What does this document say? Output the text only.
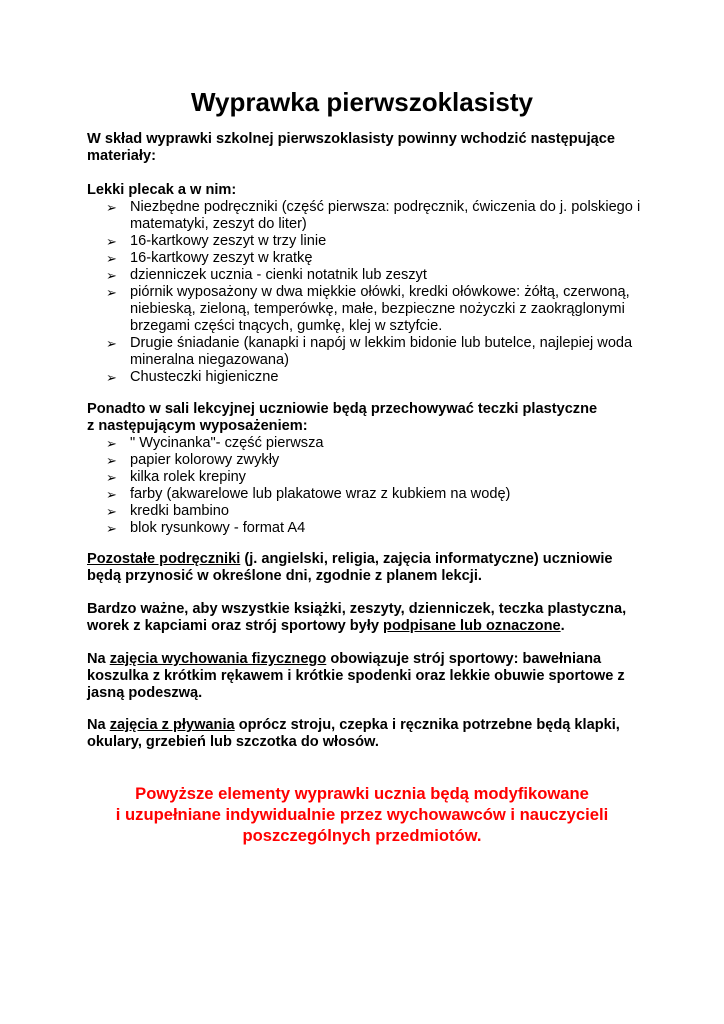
Wyprawka pierwszoklasisty

W skład wyprawki szkolnej pierwszoklasisty powinny wchodzić następujące materiały:

Lekki plecak a w nim:
➢ Niezbędne podręczniki (część pierwsza: podręcznik, ćwiczenia do j. polskiego i matematyki, zeszyt do liter)
➢ 16-kartkowy zeszyt w trzy linie
➢ 16-kartkowy zeszyt w kratkę
➢ dzienniczek ucznia - cienki notatnik lub zeszyt
➢ piórnik wyposażony w dwa miękkie ołówki, kredki ołówkowe: żółtą, czerwoną, niebieską, zieloną, temperówkę, małe, bezpieczne nożyczki z zaokrąglonymi brzegami części tnących, gumkę, klej w sztyfcie.
➢ Drugie śniadanie (kanapki i napój w lekkim bidonie lub butelce, najlepiej woda mineralna niegazowana)
➢ Chusteczki higieniczne
Ponadto w sali lekcyjnej uczniowie będą przechowywać teczki plastyczne
z następującym wyposażeniem:
➢ " Wycinanka"- część pierwsza
➢ papier kolorowy zwykły
➢ kilka rolek krepiny
➢ farby (akwarelowe lub plakatowe wraz z kubkiem na wodę)
➢ kredki bambino
➢ blok rysunkowy - format A4

Pozostałe podręczniki (j. angielski, religia, zajęcia informatyczne) uczniowie będą przynosić w określone dni, zgodnie z planem lekcji.

Bardzo ważne, aby wszystkie książki, zeszyty, dzienniczek, teczka plastyczna, worek z kapciami oraz strój sportowy były podpisane lub oznaczone.

Na zajęcia wychowania fizycznego obowiązuje strój sportowy: bawełniana koszulka z krótkim rękawem i krótkie spodenki oraz lekkie obuwie sportowe z jasną podeszwą.

Na zajęcia z pływania oprócz stroju, czepka i ręcznika potrzebne będą klapki, okulary, grzebień lub szczotka do włosów.

Powyższe elementy wyprawki ucznia będą modyfikowane
i uzupełniane indywidualnie przez wychowawców i nauczycieli
poszczególnych przedmiotów.
